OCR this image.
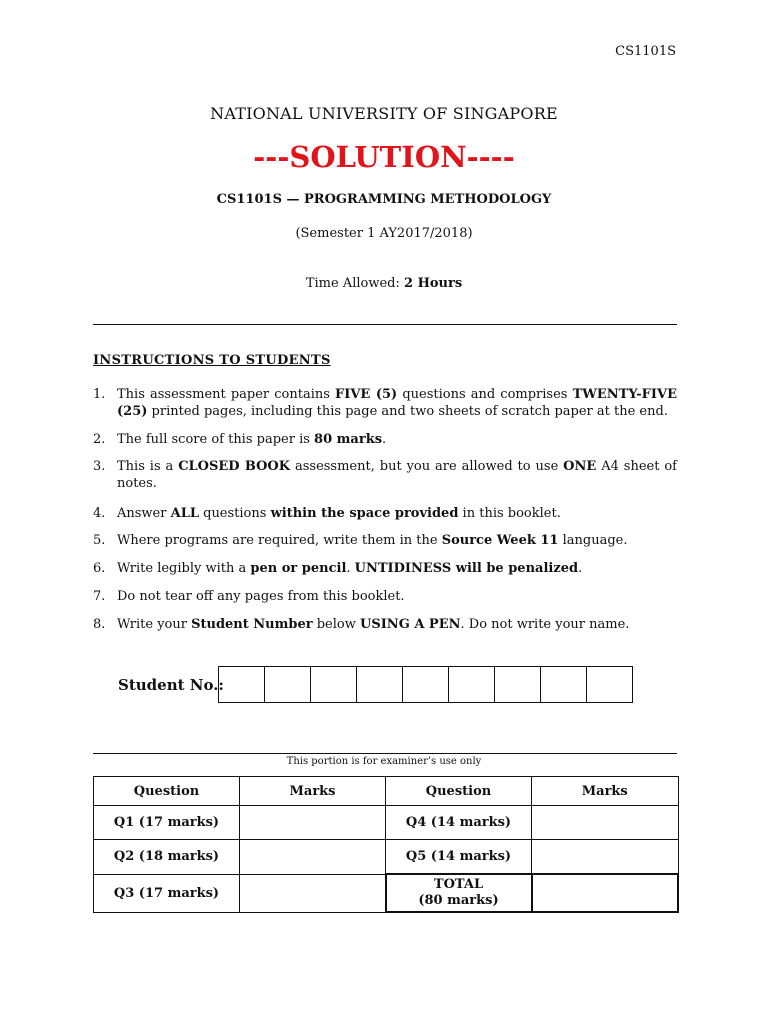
CS1101S
NATIONAL UNIVERSITY OF SINGAPORE
---SOLUTION----
CS1101S — PROGRAMMING METHODOLOGY
(Semester 1 AY2017/2018)
Time Allowed: 2 Hours
INSTRUCTIONS TO STUDENTS
1. This assessment paper contains FIVE (5) questions and comprises TWENTY-FIVE (25) printed pages, including this page and two sheets of scratch paper at the end.
2. The full score of this paper is 80 marks.
3. This is a CLOSED BOOK assessment, but you are allowed to use ONE A4 sheet of notes.
4. Answer ALL questions within the space provided in this booklet.
5. Where programs are required, write them in the Source Week 11 language.
6. Write legibly with a pen or pencil. UNTIDINESS will be penalized.
7. Do not tear off any pages from this booklet.
8. Write your Student Number below USING A PEN. Do not write your name.
Student No.:
This portion is for examiner’s use only
Question	Marks	Question	Marks
Q1 (17 marks)		Q4 (14 marks)	
Q2 (18 marks)		Q5 (14 marks)	
Q3 (17 marks)		TOTAL
(80 marks)	
